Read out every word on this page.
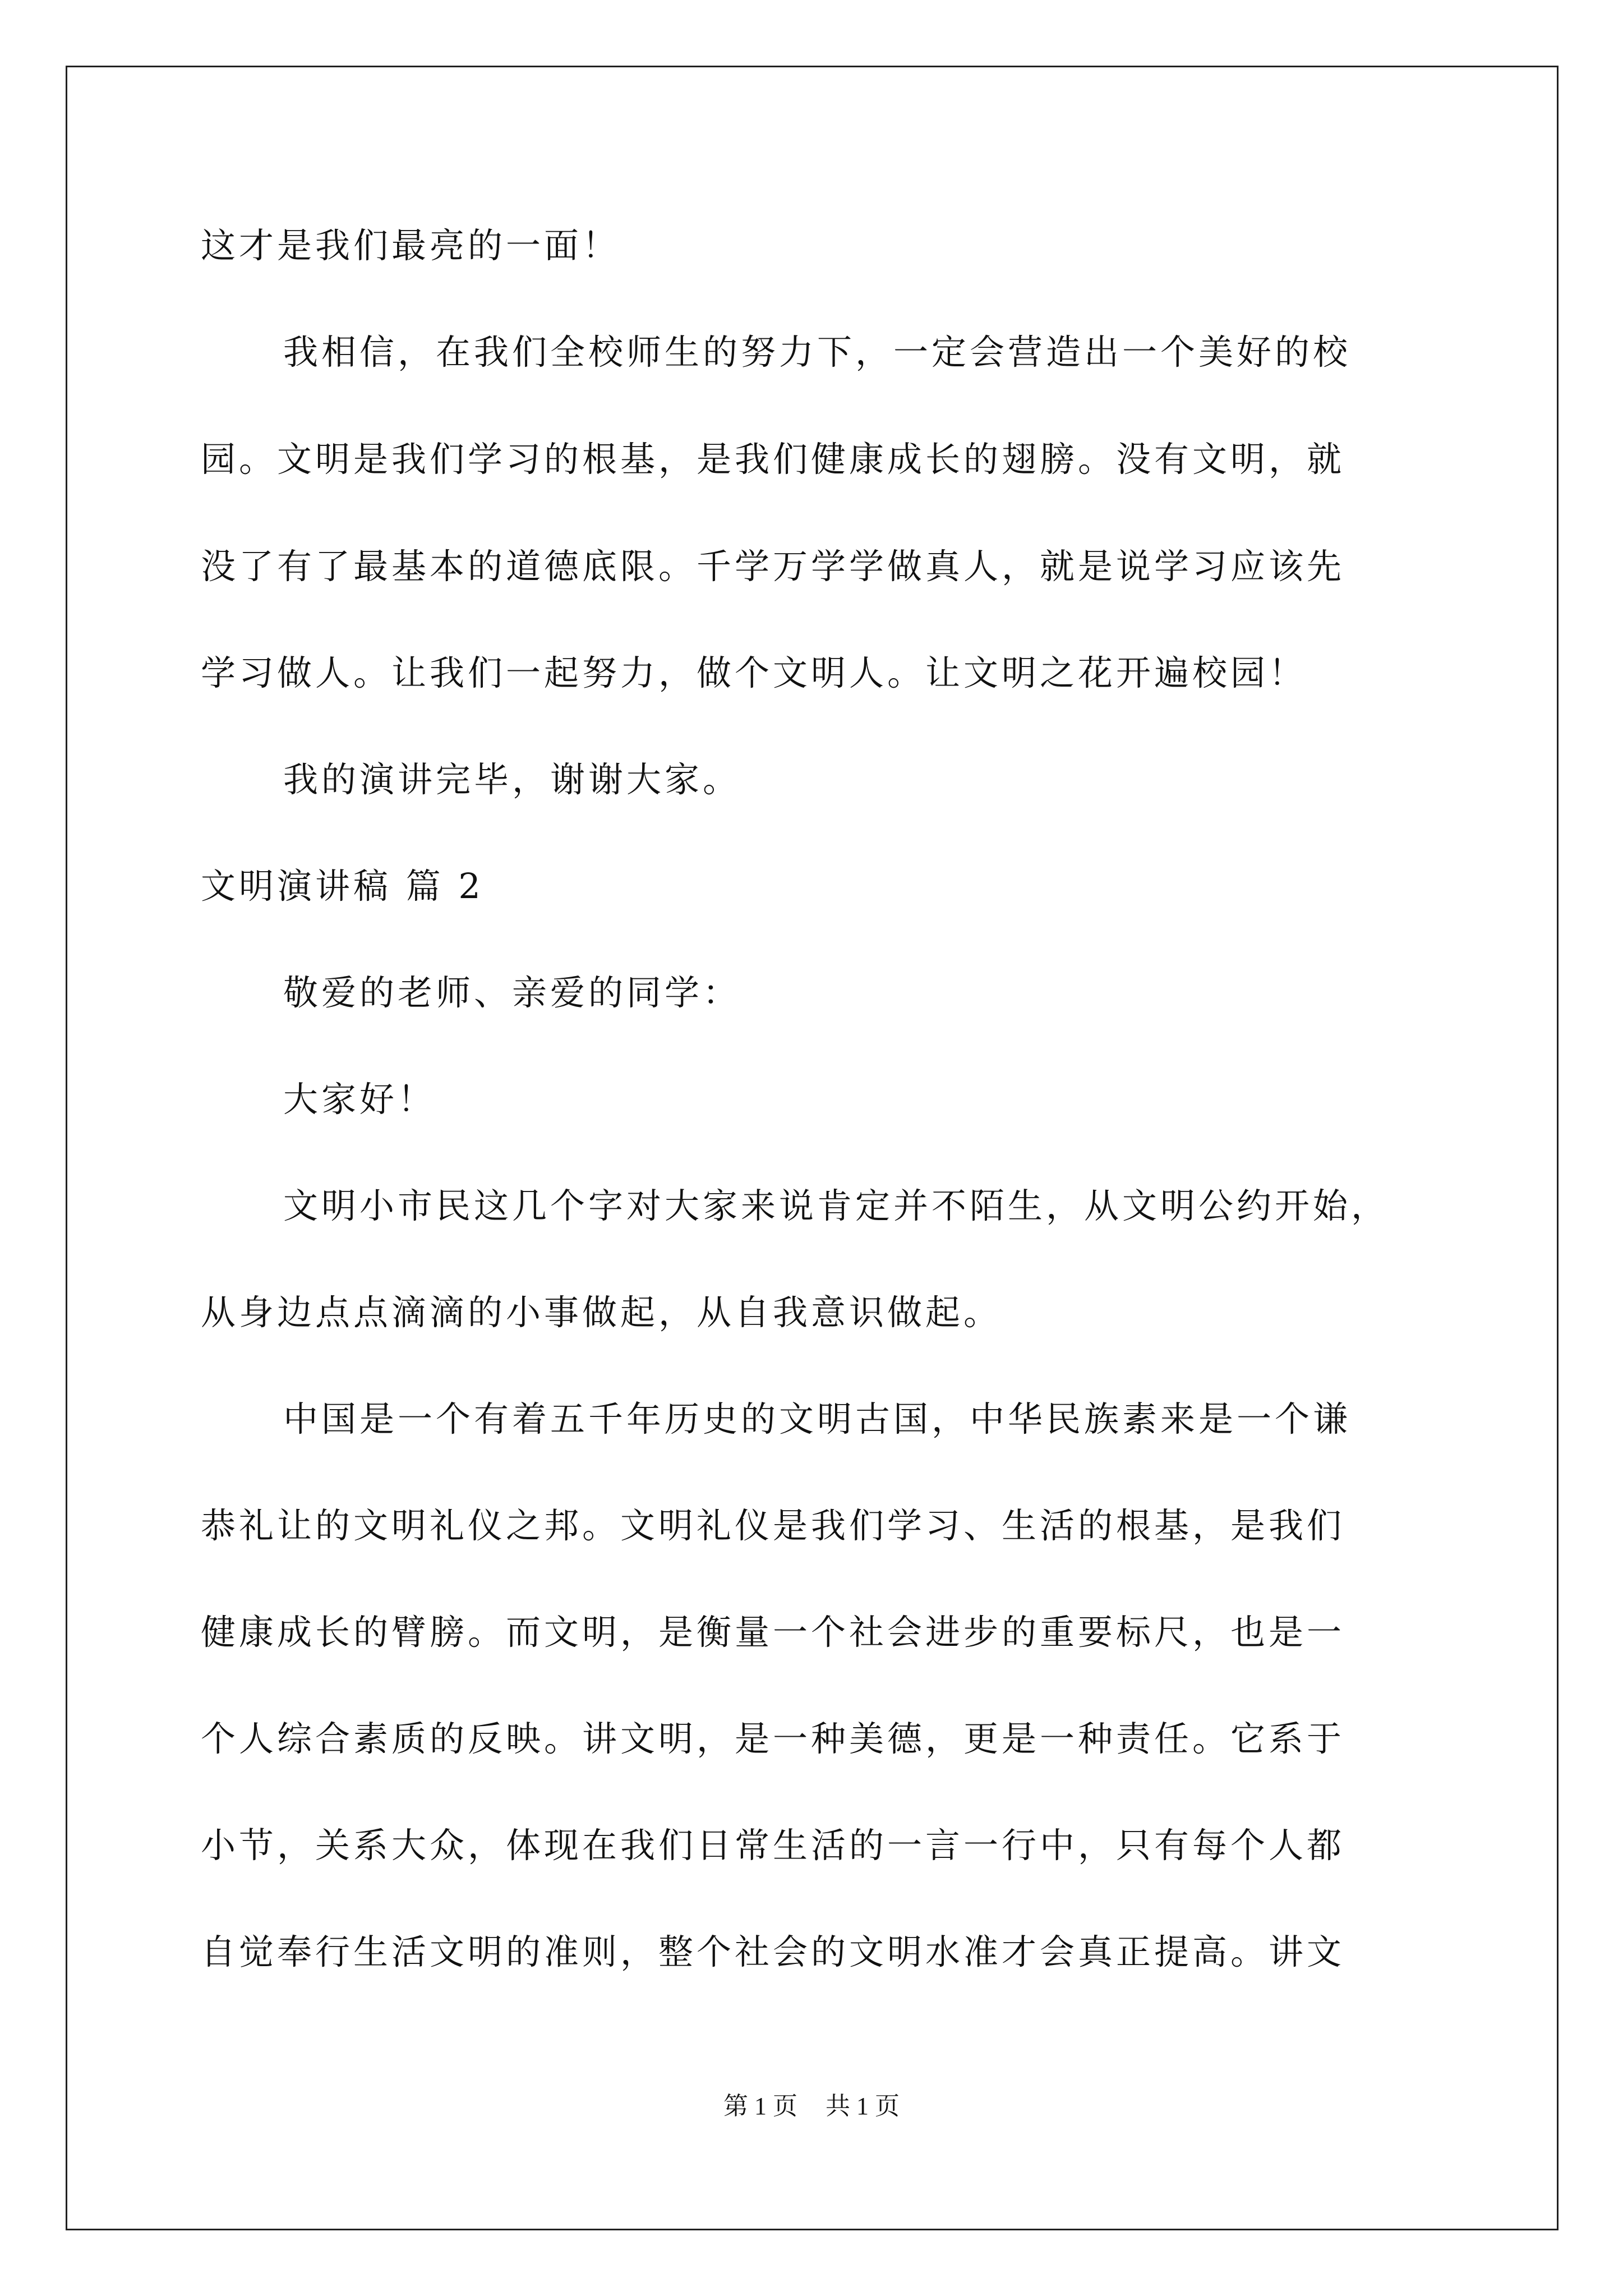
这才是我们最亮的一面！
我相信，在我们全校师生的努力下，一定会营造出一个美好的校
园。文明是我们学习的根基，是我们健康成长的翅膀。没有文明，就
没了有了最基本的道德底限。千学万学学做真人，就是说学习应该先
学习做人。让我们一起努力，做个文明人。让文明之花开遍校园！
我的演讲完毕，谢谢大家。
文明演讲稿 篇 2
敬爱的老师、亲爱的同学：
大家好！
文明小市民这几个字对大家来说肯定并不陌生，从文明公约开始，
从身边点点滴滴的小事做起，从自我意识做起。
中国是一个有着五千年历史的文明古国，中华民族素来是一个谦
恭礼让的文明礼仪之邦。文明礼仪是我们学习、生活的根基，是我们
健康成长的臂膀。而文明，是衡量一个社会进步的重要标尺，也是一
个人综合素质的反映。讲文明，是一种美德，更是一种责任。它系于
小节，关系大众，体现在我们日常生活的一言一行中，只有每个人都
自觉奉行生活文明的准则，整个社会的文明水准才会真正提高。讲文
第 1 页 共 1 页
